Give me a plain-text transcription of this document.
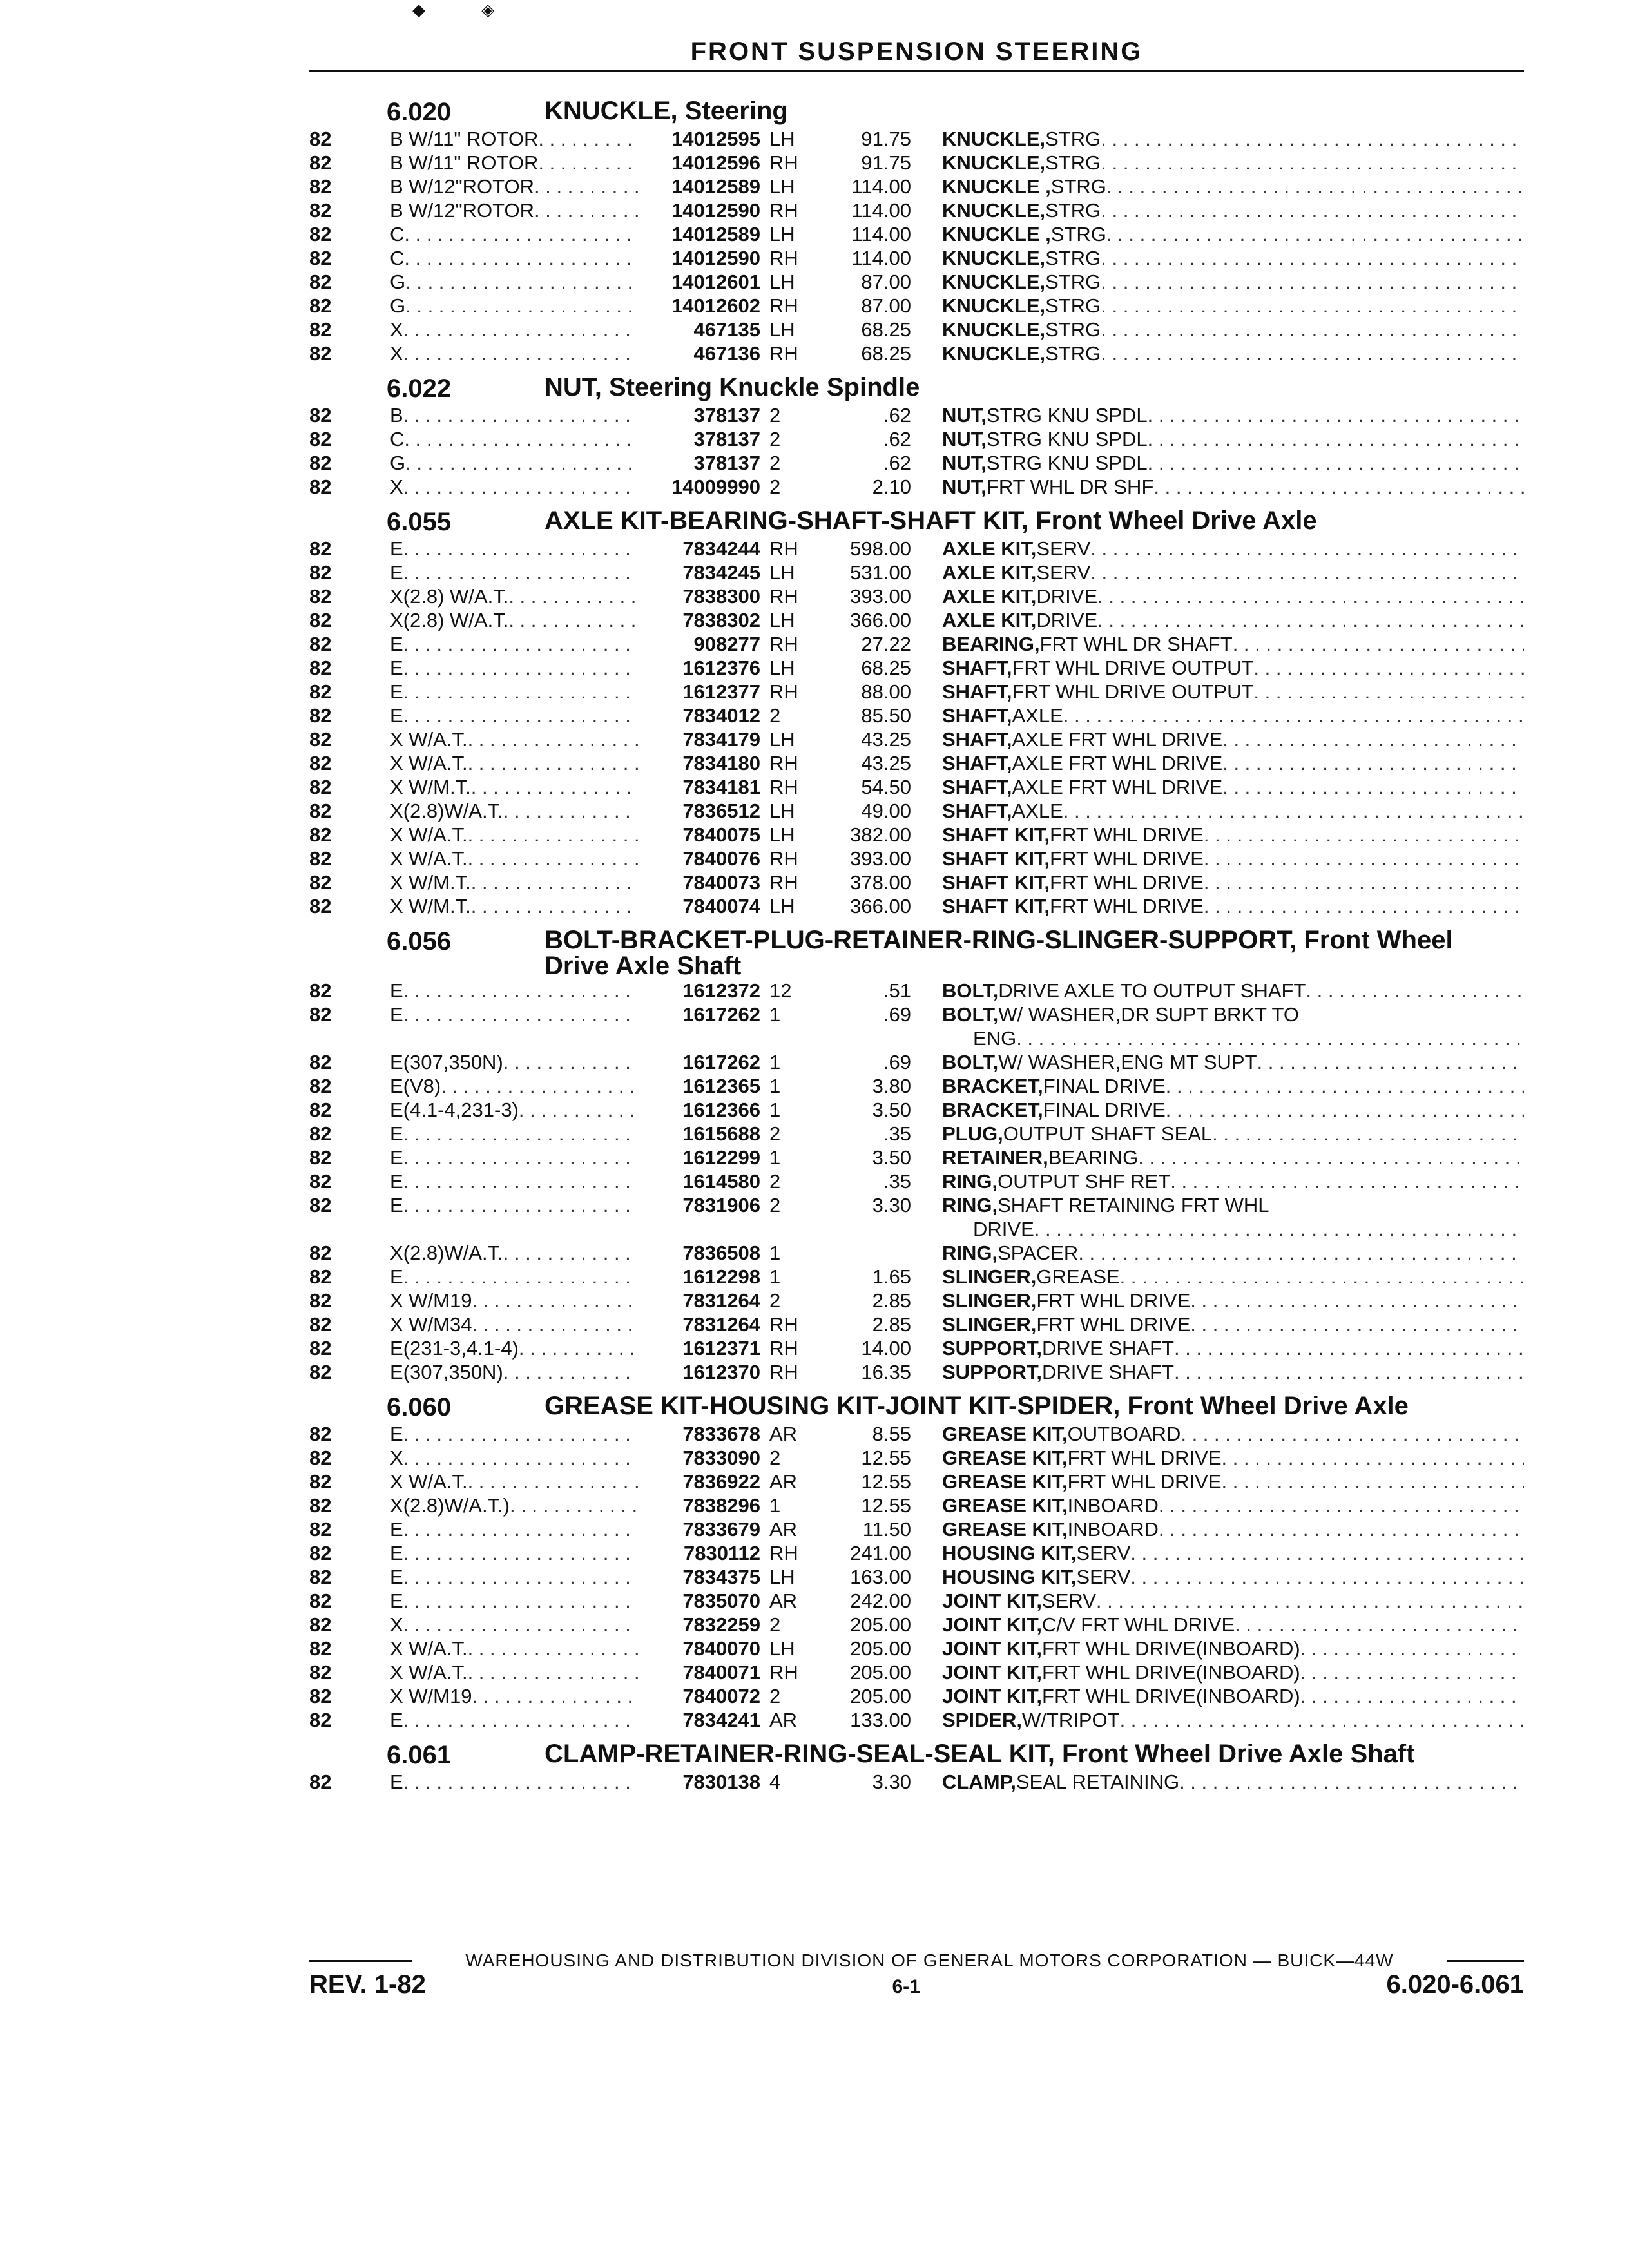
◆ ◈
FRONT SUSPENSION STEERING
6.020	KNUCKLE, Steering
82	B W/11" ROTOR . . .	14012595 LH	91.75 KNUCKLE, STRG
. . .
82	B W/11" ROTOR . . .	14012596 RH	91.75 KNUCKLE, STRG
. . .
82	B W/12"ROTOR . . .	14012589 LH	114.00 KNUCKLE , STRG
. . .
82	B W/12"ROTOR . . .	14012590 RH	114.00 KNUCKLE, STRG
. . .
82	C . . .	14012589 LH	114.00 KNUCKLE , STRG
. . .
82	C . . .	14012590 RH	114.00 KNUCKLE, STRG
. . .
82	G . . .	14012601 LH	87.00 KNUCKLE, STRG
. . .
82	G . . .	14012602 RH	87.00 KNUCKLE, STRG
. . .
82	X . . .	467135 LH	68.25 KNUCKLE, STRG
. . .
82	X . . .	467136 RH	68.25 KNUCKLE, STRG
. . .
6.022	NUT, Steering Knuckle Spindle
82	B . . .	378137 2	.62 NUT, STRG KNU SPDL
. . .
82	C . . .	378137 2	.62 NUT, STRG KNU SPDL
. . .
82	G . . .	378137 2	.62 NUT, STRG KNU SPDL
. . .
82	X . . .	14009990 2	2.10 NUT, FRT WHL DR SHF
. . .
6.055	AXLE KIT-BEARING-SHAFT-SHAFT KIT, Front Wheel Drive Axle
82	E . . .	7834244 RH	598.00 AXLE KIT, SERV
. . .
82	E . . .	7834245 LH	531.00 AXLE KIT, SERV
. . .
82	X(2.8) W/A.T. . . .	7838300 RH	393.00 AXLE KIT, DRIVE
. . .
82	X(2.8) W/A.T. . . .	7838302 LH	366.00 AXLE KIT, DRIVE
. . .
82	E . . .	908277 RH	27.22 BEARING, FRT WHL DR SHAFT
. . .
82	E . . .	1612376 LH	68.25 SHAFT, FRT WHL DRIVE OUTPUT
. . .
82	E . . .	1612377 RH	88.00 SHAFT, FRT WHL DRIVE OUTPUT
. . .
82	E . . .	7834012 2	85.50 SHAFT, AXLE
. . .
82	X W/A.T. . . .	7834179 LH	43.25 SHAFT, AXLE FRT WHL DRIVE
. . .
82	X W/A.T. . . .	7834180 RH	43.25 SHAFT, AXLE FRT WHL DRIVE
. . .
82	X W/M.T. . . .	7834181 RH	54.50 SHAFT, AXLE FRT WHL DRIVE
. . .
82	X(2.8)W/A.T. . . .	7836512 LH	49.00 SHAFT, AXLE
. . .
82	X W/A.T. . . .	7840075 LH	382.00 SHAFT KIT, FRT WHL DRIVE
. . .
82	X W/A.T. . . .	7840076 RH	393.00 SHAFT KIT, FRT WHL DRIVE
. . .
82	X W/M.T. . . .	7840073 RH	378.00 SHAFT KIT, FRT WHL DRIVE
. . .
82	X W/M.T. . . .	7840074 LH	366.00 SHAFT KIT, FRT WHL DRIVE
. . .
6.056	BOLT-BRACKET-PLUG-RETAINER-RING-SLINGER-SUPPORT, Front Wheel Drive Axle Shaft
82	E . . .	1612372 12	.51 BOLT, DRIVE AXLE TO OUTPUT SHAFT
. . .
82	E . . .	1617262 1	.69 BOLT, W/ WASHER,DR SUPT BRKT TO
ENG
. . .
82	E(307,350N) . . .	1617262 1	.69 BOLT, W/ WASHER,ENG MT SUPT
. . .
82	E(V8) . . .	1612365 1	3.80 BRACKET, FINAL DRIVE
. . .
82	E(4.1-4,231-3) . . .	1612366 1	3.50 BRACKET, FINAL DRIVE
. . .
82	E . . .	1615688 2	.35 PLUG, OUTPUT SHAFT SEAL
. . .
82	E . . .	1612299 1	3.50 RETAINER, BEARING
. . .
82	E . . .	1614580 2	.35 RING, OUTPUT SHF RET
. . .
82	E . . .	7831906 2	3.30 RING, SHAFT RETAINING FRT WHL
DRIVE
. . .
82	X(2.8)W/A.T. . . .	7836508 1	RING, SPACER
. . .
82	E . . .	1612298 1	1.65 SLINGER, GREASE
. . .
82	X W/M19 . . .	7831264 2	2.85 SLINGER, FRT WHL DRIVE
. . .
82	X W/M34 . . .	7831264 RH	2.85 SLINGER, FRT WHL DRIVE
. . .
82	E(231-3,4.1-4) . . .	1612371 RH	14.00 SUPPORT, DRIVE SHAFT
. . .
82	E(307,350N) . . .	1612370 RH	16.35 SUPPORT, DRIVE SHAFT
. . .
6.060	GREASE KIT-HOUSING KIT-JOINT KIT-SPIDER, Front Wheel Drive Axle
82	E . . .	7833678 AR	8.55 GREASE KIT, OUTBOARD
. . .
82	X . . .	7833090 2	12.55 GREASE KIT, FRT WHL DRIVE
. . .
82	X W/A.T. . . .	7836922 AR	12.55 GREASE KIT, FRT WHL DRIVE
. . .
82	X(2.8)W/A.T.) . . .	7838296 1	12.55 GREASE KIT, INBOARD
. . .
82	E . . .	7833679 AR	11.50 GREASE KIT, INBOARD
. . .
82	E . . .	7830112 RH	241.00 HOUSING KIT, SERV
. . .
82	E . . .	7834375 LH	163.00 HOUSING KIT, SERV
. . .
82	E . . .	7835070 AR	242.00 JOINT KIT, SERV
. . .
82	X . . .	7832259 2	205.00 JOINT KIT, C/V FRT WHL DRIVE
. . .
82	X W/A.T. . . .	7840070 LH	205.00 JOINT KIT, FRT WHL DRIVE(INBOARD)
. . .
82	X W/A.T. . . .	7840071 RH	205.00 JOINT KIT, FRT WHL DRIVE(INBOARD)
. . .
82	X W/M19 . . .	7840072 2	205.00 JOINT KIT, FRT WHL DRIVE(INBOARD)
. . .
82	E . . .	7834241 AR	133.00 SPIDER, W/TRIPOT
. . .
6.061	CLAMP-RETAINER-RING-SEAL-SEAL KIT, Front Wheel Drive Axle Shaft
82	E . . .	7830138 4	3.30 CLAMP, SEAL RETAINING
. . .
WAREHOUSING AND DISTRIBUTION DIVISION OF GENERAL MOTORS CORPORATION — BUICK—44W
REV. 1-82	6-1	6.020-6.061
